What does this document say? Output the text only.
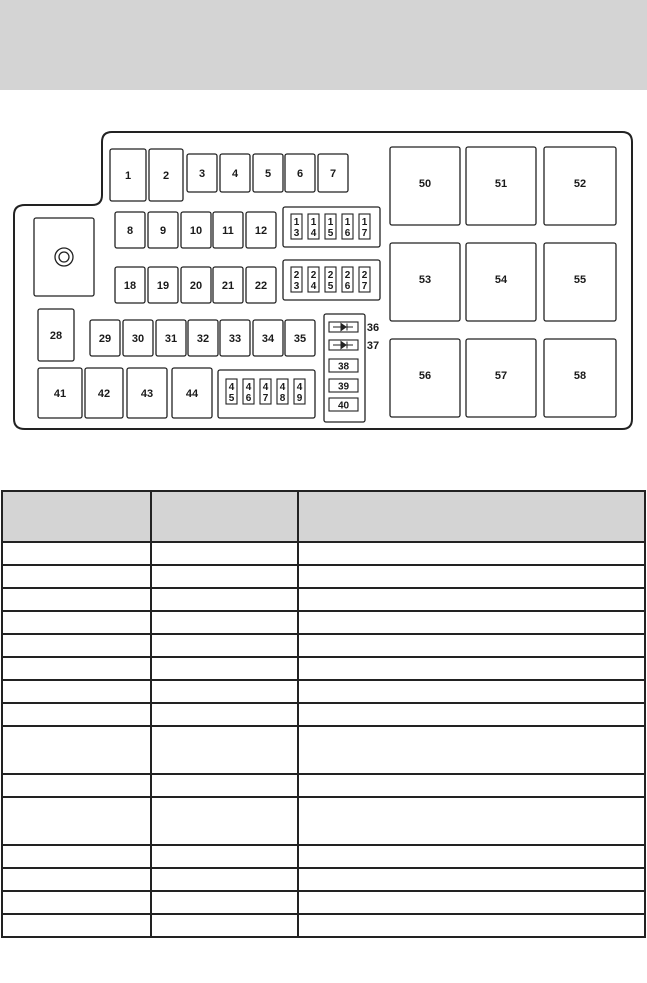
1	2	3 4 5 6 7
8 9 10 11 12
18 19 20 21 22
28	29 30 31 32 33 34 35
41	42	43	44
1
3
1
4
1
5
1
6
1
7
2
3
2
4
2
5
2
6
2
7
4
5
4
6
4
7
4
8
4
9
36
37
38
39
40
50	51	52
53	54	55
56	57	58
